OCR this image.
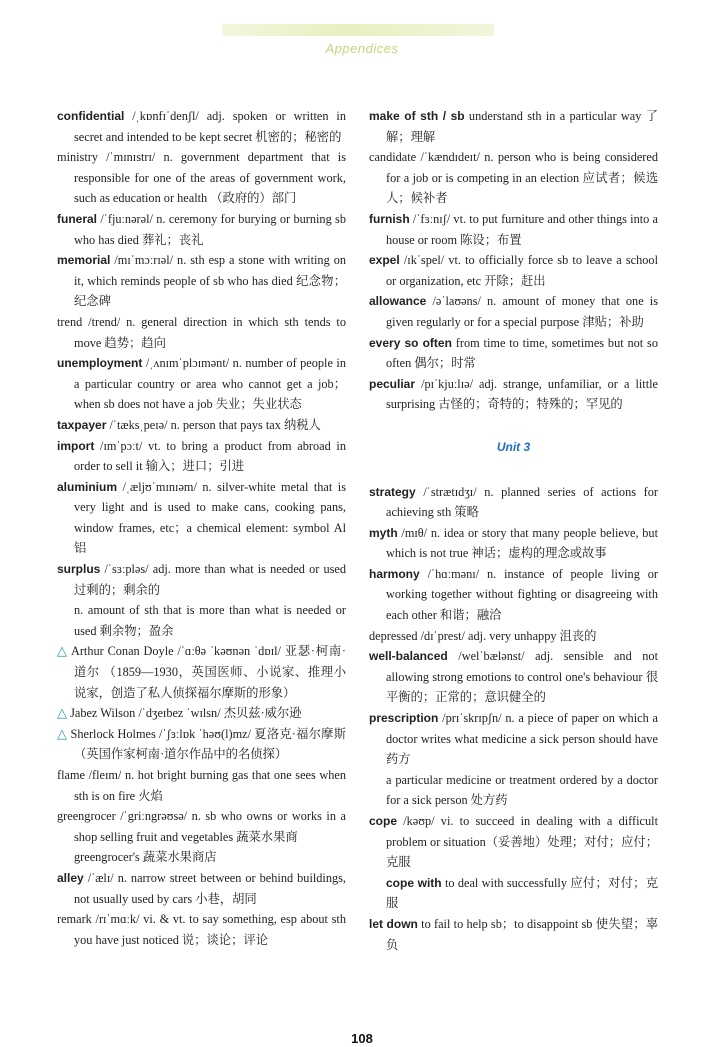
Appendices

confidential /ˌkɒnfɪˈdenʃl/ adj. spoken or written in secret and intended to be kept secret 机密的；秘密的

ministry /ˈmɪnɪstrɪ/ n. government department that is responsible for one of the areas of government work, such as education or health （政府的）部门

funeral /ˈfjuːnərəl/ n. ceremony for burying or burning sb who has died 葬礼；丧礼

memorial /mɪˈmɔːrɪəl/ n. sth esp a stone with writing on it, which reminds people of sb who has died 纪念物；纪念碑

trend /trend/ n. general direction in which sth tends to move 趋势；趋向

unemployment /ˌʌnɪmˈplɔɪmənt/ n. number of people in a particular country or area who cannot get a job；when sb does not have a job 失业；失业状态

taxpayer /ˈtæksˌpeɪə/ n. person that pays tax 纳税人

import /ɪmˈpɔːt/ vt. to bring a product from abroad in order to sell it 输入；进口；引进

aluminium /ˌæljʊˈmɪnɪəm/ n. silver-white metal that is very light and is used to make cans, cooking pans, window frames, etc；a chemical element: symbol Al 铝

surplus /ˈsɜːpləs/ adj. more than what is needed or used 过剩的；剩余的

n. amount of sth that is more than what is needed or used 剩余物；盈余

△ Arthur Conan Doyle /ˈɑːθə ˈkəʊnən ˈdɒɪl/ 亚瑟·柯南·道尔 （1859—1930，英国医师、小说家、推理小说家，创造了私人侦探福尔摩斯的形象）

△ Jabez Wilson /ˈdʒeɪbez ˈwɪlsn/ 杰贝兹·威尔逊

△ Sherlock Holmes /ˈʃɜːlɒk ˈhəʊ(l)mz/ 夏洛克·福尔摩斯（英国作家柯南·道尔作品中的名侦探）

flame /fleɪm/ n. hot bright burning gas that one sees when sth is on fire 火焰

greengrocer /ˈgriːngrəʊsə/ n. sb who owns or works in a shop selling fruit and vegetables 蔬菜水果商

greengrocer's 蔬菜水果商店

alley /ˈælɪ/ n. narrow street between or behind buildings, not usually used by cars 小巷，胡同

remark /rɪˈmɑːk/ vi. & vt. to say something, esp about sth you have just noticed 说；谈论；评论

make of sth / sb understand sth in a particular way 了解；理解

candidate /ˈkændɪdeɪt/ n. person who is being considered for a job or is competing in an election 应试者；候选人；候补者

furnish /ˈfɜːnɪʃ/ vt. to put furniture and other things into a house or room 陈设；布置

expel /ɪkˈspel/ vt. to officially force sb to leave a school or organization, etc 开除；赶出

allowance /əˈlaʊəns/ n. amount of money that one is given regularly or for a special purpose 津贴；补助

every so often from time to time, sometimes but not so often 偶尔；时常

peculiar /pɪˈkjuːlɪə/ adj. strange, unfamiliar, or a little surprising 古怪的；奇特的；特殊的；罕见的

Unit 3

strategy /ˈstrætɪdʒɪ/ n. planned series of actions for achieving sth 策略

myth /mɪθ/ n. idea or story that many people believe, but which is not true 神话；虚构的理念或故事

harmony /ˈhɑːmənɪ/ n. instance of people living or working together without fighting or disagreeing with each other 和谐；融洽

depressed /dɪˈprest/ adj. very unhappy 沮丧的

well-balanced /welˈbælənst/ adj. sensible and not allowing strong emotions to control one's behaviour 很平衡的；正常的；意识健全的

prescription /prɪˈskrɪpʃn/ n. a piece of paper on which a doctor writes what medicine a sick person should have 药方

a particular medicine or treatment ordered by a doctor for a sick person 处方药

cope /kəʊp/ vi. to succeed in dealing with a difficult problem or situation（妥善地）处理；对付；应付；克服

cope with to deal with successfully 应付；对付；克服

let down to fail to help sb；to disappoint sb 使失望；辜负

108
